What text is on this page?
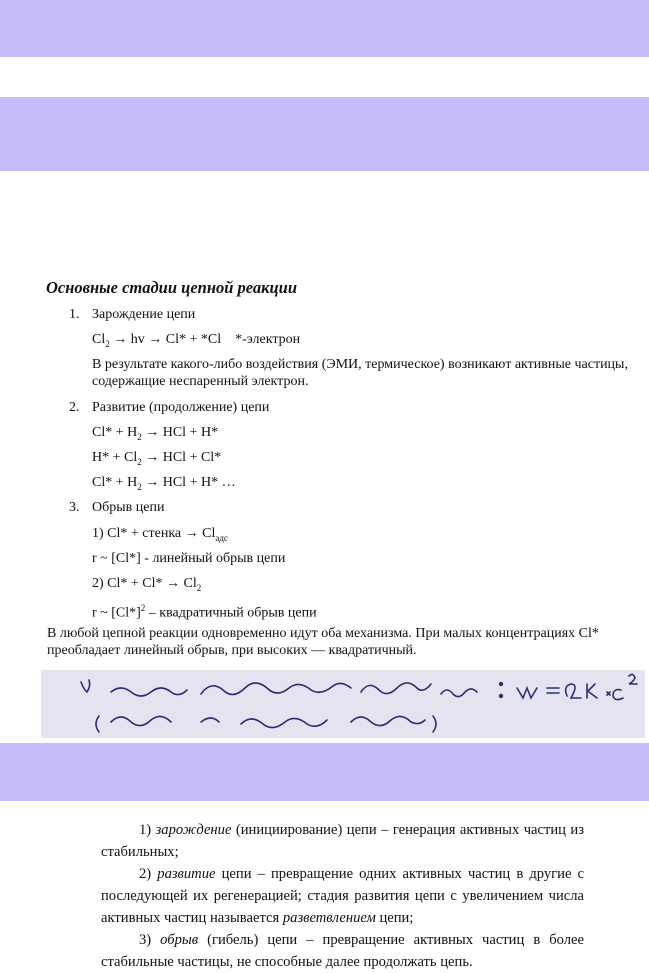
Основные стадии цепной реакции
1. Зарождение цепи
$Cl_2$ → hv → Cl* + *Cl    *-электрон
В результате какого-либо воздействия (ЭМИ, термическое) возникают активные частицы, содержащие неспаренный электрон.
2. Развитие (продолжение) цепи
$Cl* + H_2$ → HCl + H*
$H* + Cl_2$ → HCl + Cl*
$Cl* + H_2$ → HCl + H* …
3. Обрыв цепи
1) Cl* + стенка → $Cl_{адс}$
r ~ [Cl*] - линейный обрыв цепи
2) $Cl* + Cl* \to Cl_2$
r ~ $[Cl*]^2$ – квадратичный обрыв цепи
В любой цепной реакции одновременно идут оба механизма. При малых концентрациях Cl* преобладает линейный обрыв, при высоких — квадратичный.

1) зарождение (инициирование) цепи – генерация активных частиц из стабильных;

2) развитие цепи – превращение одних активных частиц в другие с последующей их регенерацией; стадия развития цепи с увеличением числа активных частиц называется разветвлением цепи;

3) обрыв (гибель) цепи – превращение активных частиц в более стабильные частицы, не способные далее продолжать цепь.
